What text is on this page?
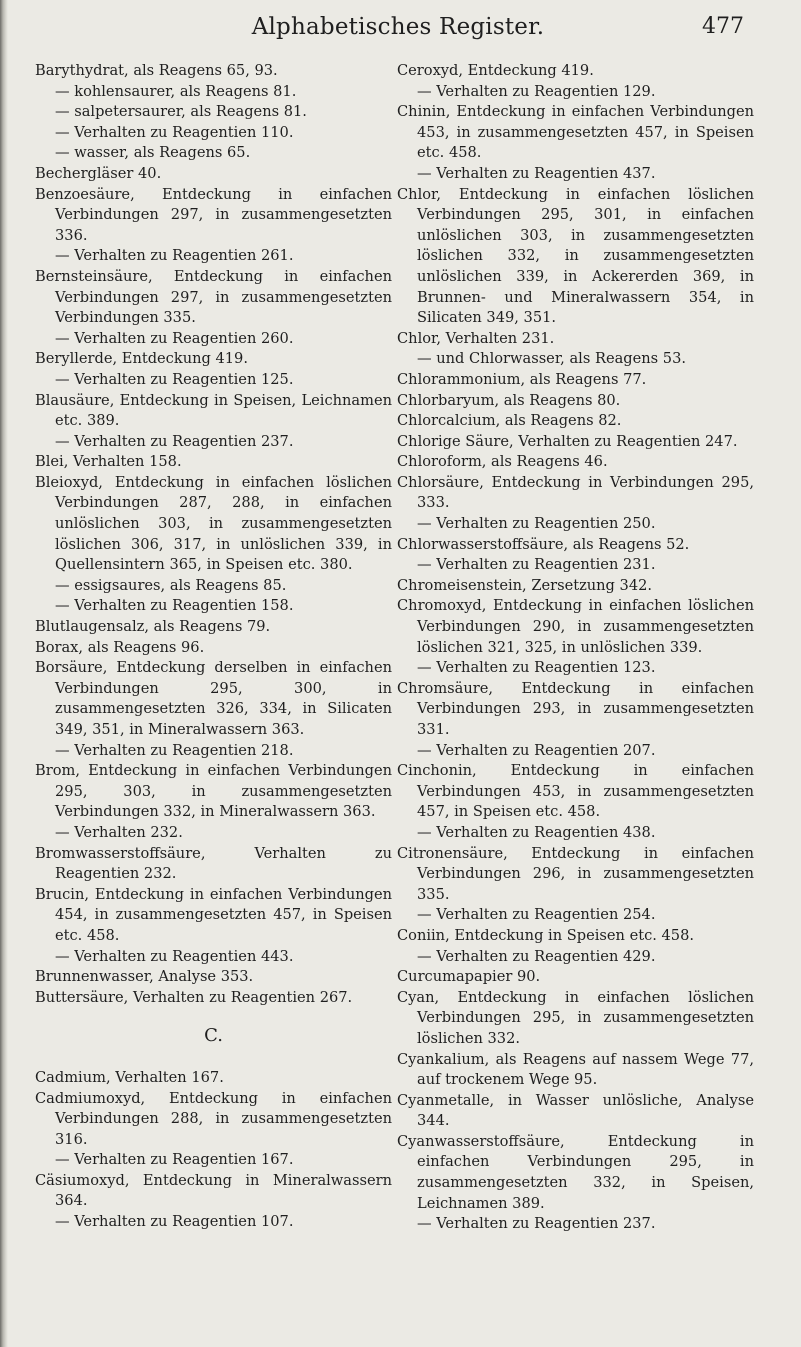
Alphabetisches Register.	477
Barythydrat, als Reagens 65, 93.
— kohlensaurer, als Reagens 81.
— salpetersaurer, als Reagens 81.
— Verhalten zu Reagentien 110.
— wasser, als Reagens 65.
Bechergläser 40.
Benzoesäure, Entdeckung in einfachen Verbindungen 297, in zusammengesetzten 336.
— Verhalten zu Reagentien 261.
Bernsteinsäure, Entdeckung in einfachen Verbindungen 297, in zusammengesetzten Verbindungen 335.
— Verhalten zu Reagentien 260.
Beryllerde, Entdeckung 419.
— Verhalten zu Reagentien 125.
Blausäure, Entdeckung in Speisen, Leichnamen etc. 389.
— Verhalten zu Reagentien 237.
Blei, Verhalten 158.
Bleioxyd, Entdeckung in einfachen löslichen Verbindungen 287, 288, in einfachen unlöslichen 303, in zusammengesetzten löslichen 306, 317, in unlöslichen 339, in Quellensintern 365, in Speisen etc. 380.
— essigsaures, als Reagens 85.
— Verhalten zu Reagentien 158.
Blutlaugensalz, als Reagens 79.
Borax, als Reagens 96.
Borsäure, Entdeckung derselben in einfachen Verbindungen 295, 300, in zusammengesetzten 326, 334, in Silicaten 349, 351, in Mineralwassern 363.
— Verhalten zu Reagentien 218.
Brom, Entdeckung in einfachen Verbindungen 295, 303, in zusammengesetzten Verbindungen 332, in Mineralwassern 363.
— Verhalten 232.
Bromwasserstoffsäure, Verhalten zu Reagentien 232.
Brucin, Entdeckung in einfachen Verbindungen 454, in zusammengesetzten 457, in Speisen etc. 458.
— Verhalten zu Reagentien 443.
Brunnenwasser, Analyse 353.
Buttersäure, Verhalten zu Reagentien 267.
C.
Cadmium, Verhalten 167.
Cadmiumoxyd, Entdeckung in einfachen Verbindungen 288, in zusammengesetzten 316.
— Verhalten zu Reagentien 167.
Cäsiumoxyd, Entdeckung in Mineralwassern 364.
— Verhalten zu Reagentien 107.
Ceroxyd, Entdeckung 419.
— Verhalten zu Reagentien 129.
Chinin, Entdeckung in einfachen Verbindungen 453, in zusammengesetzten 457, in Speisen etc. 458.
— Verhalten zu Reagentien 437.
Chlor, Entdeckung in einfachen löslichen Verbindungen 295, 301, in einfachen unlöslichen 303, in zusammengesetzten löslichen 332, in zusammengesetzten unlöslichen 339, in Ackererden 369, in Brunnen- und Mineralwassern 354, in Silicaten 349, 351.
Chlor, Verhalten 231.
— und Chlorwasser, als Reagens 53.
Chlorammonium, als Reagens 77.
Chlorbaryum, als Reagens 80.
Chlorcalcium, als Reagens 82.
Chlorige Säure, Verhalten zu Reagentien 247.
Chloroform, als Reagens 46.
Chlorsäure, Entdeckung in Verbindungen 295, 333.
— Verhalten zu Reagentien 250.
Chlorwasserstoffsäure, als Reagens 52.
— Verhalten zu Reagentien 231.
Chromeisenstein, Zersetzung 342.
Chromoxyd, Entdeckung in einfachen löslichen Verbindungen 290, in zusammengesetzten löslichen 321, 325, in unlöslichen 339.
— Verhalten zu Reagentien 123.
Chromsäure, Entdeckung in einfachen Verbindungen 293, in zusammengesetzten 331.
— Verhalten zu Reagentien 207.
Cinchonin, Entdeckung in einfachen Verbindungen 453, in zusammengesetzten 457, in Speisen etc. 458.
— Verhalten zu Reagentien 438.
Citronensäure, Entdeckung in einfachen Verbindungen 296, in zusammengesetzten 335.
— Verhalten zu Reagentien 254.
Coniin, Entdeckung in Speisen etc. 458.
— Verhalten zu Reagentien 429.
Curcumapapier 90.
Cyan, Entdeckung in einfachen löslichen Verbindungen 295, in zusammengesetzten löslichen 332.
Cyankalium, als Reagens auf nassem Wege 77, auf trockenem Wege 95.
Cyanmetalle, in Wasser unlösliche, Analyse 344.
Cyanwasserstoffsäure, Entdeckung in einfachen Verbindungen 295, in zusammengesetzten 332, in Speisen, Leichnamen 389.
— Verhalten zu Reagentien 237.
